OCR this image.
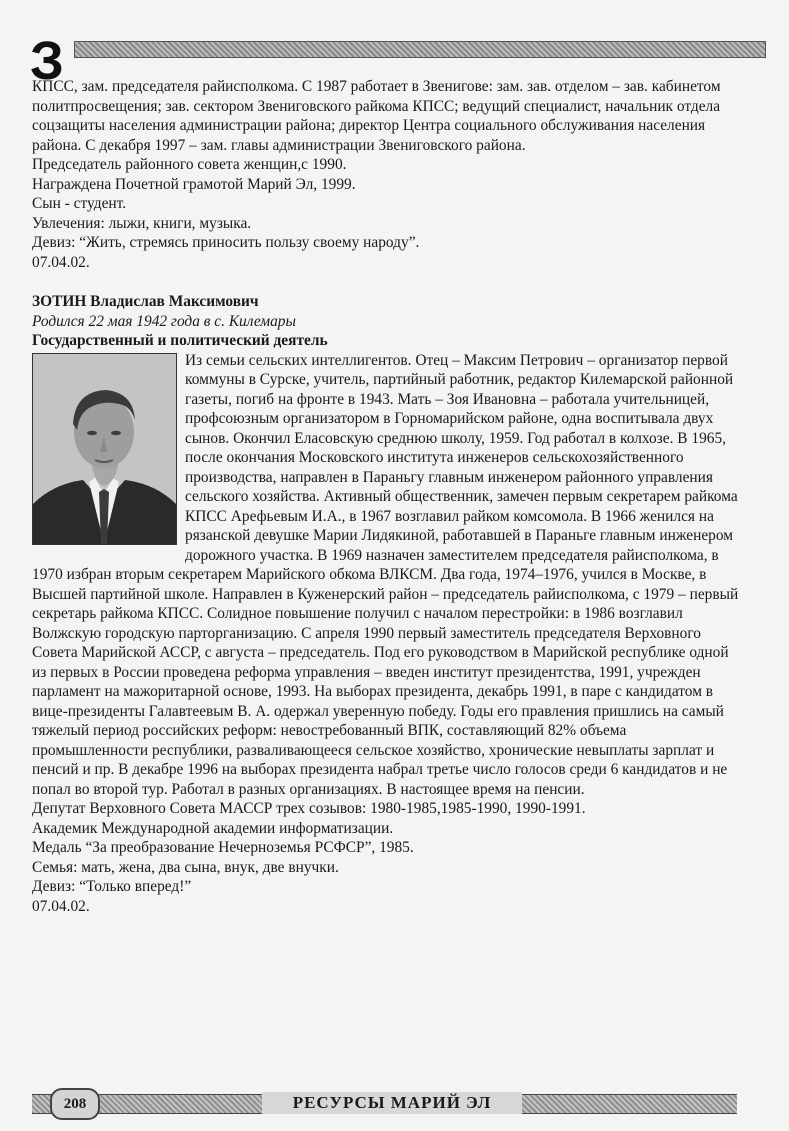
З

КПСС, зам. председателя райисполкома. С 1987 работает в Звенигове: зам. зав. отделом – зав. кабинетом политпросвещения; зав. сектором Звениговского райкома КПСС; ведущий специалист, начальник отдела соцзащиты населения администрации района; директор Центра социального обслуживания населения района. С декабря 1997 – зам. главы администрации Звениговского района.

Председатель районного совета женщин,с 1990.

Награждена Почетной грамотой Марий Эл, 1999.

Сын - студент.

Увлечения: лыжи, книги, музыка.

Девиз: “Жить, стремясь приносить пользу своему народу”.

07.04.02.

ЗОТИН Владислав Максимович

Родился 22 мая 1942 года в с. Килемары

Государственный и политический деятель

Из семьи сельских интеллигентов. Отец – Максим Петрович – организатор первой коммуны в Сурске, учитель, партийный работник, редактор Килемарской районной газеты, погиб на фронте в 1943. Мать – Зоя Ивановна – работала учительницей, профсоюзным организатором в Горномарийском районе, одна воспитывала двух сынов. Окончил Еласовскую среднюю школу, 1959. Год работал в колхозе. В 1965, после окончания Московского института инженеров сельскохозяйственного производства, направлен в Параньгу главным инженером районного управления сельского хозяйства. Активный общественник, замечен первым секретарем райкома КПСС Арефьевым И.А., в 1967 возглавил райком комсомола. В 1966 женился на рязанской девушке Марии Лидякиной, работавшей в Параньге главным инженером дорожного участка. В 1969 назначен заместителем председателя райисполкома, в 1970 избран вторым секретарем Марийского обкома ВЛКСМ. Два года, 1974–1976, учился в Москве, в Высшей партийной школе. Направлен в Куженерский район – председатель райисполкома, с 1979 – первый секретарь райкома КПСС. Солидное повышение получил с началом перестройки: в 1986 возглавил Волжскую городскую парторганизацию. С апреля 1990 первый заместитель председателя Верховного Совета Марийской АССР, с августа – председатель. Под его руководством в Марийской республике одной из первых в России проведена реформа управления – введен институт президентства, 1991, учрежден парламент на мажоритарной основе, 1993. На выборах президента, декабрь 1991, в паре с кандидатом в вице-президенты Галавтеевым В. А. одержал уверенную победу. Годы его правления пришлись на самый тяжелый период российских реформ: невостребованный ВПК, составляющий 82% объема промышленности республики, разваливающееся сельское хозяйство, хронические невыплаты зарплат и пенсий и пр. В декабре 1996 на выборах президента набрал третье число голосов среди 6 кандидатов и не попал во второй тур. Работал в разных организациях. В настоящее время на пенсии.

Депутат Верховного Совета МАССР трех созывов: 1980-1985,1985-1990, 1990-1991.

Академик Международной академии информатизации.

Медаль “За преобразование Нечерноземья РСФСР”, 1985.

Семья: мать, жена, два сына, внук, две внучки.

Девиз: “Только вперед!”

07.04.02.

208	РЕСУРСЫ МАРИЙ ЭЛ
